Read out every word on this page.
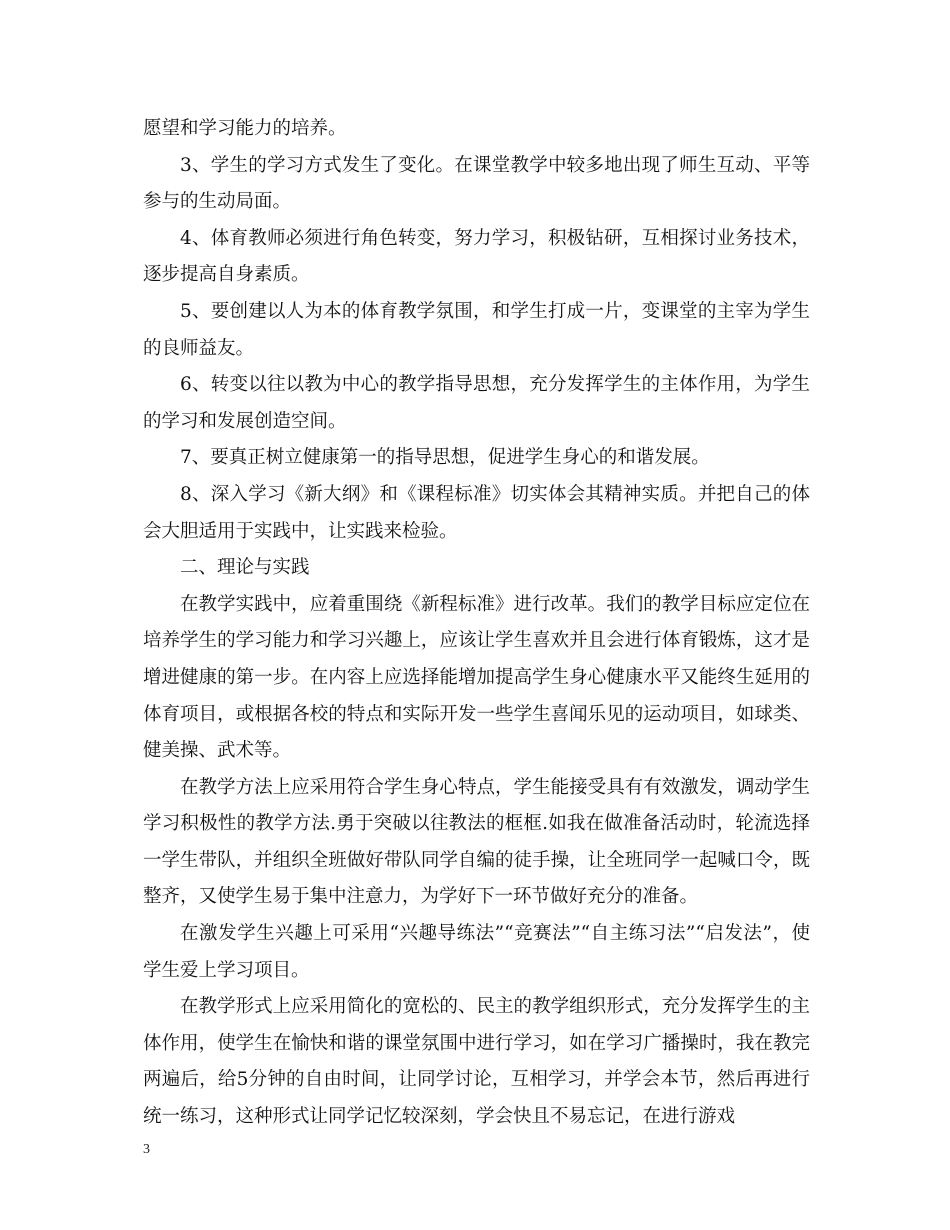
愿望和学习能力的培养。

3、学生的学习方式发生了变化。在课堂教学中较多地出现了师生互动、平等参与的生动局面。

4、体育教师必须进行角色转变，努力学习，积极钻研，互相探讨业务技术，逐步提高自身素质。

5、要创建以人为本的体育教学氛围，和学生打成一片，变课堂的主宰为学生的良师益友。

6、转变以往以教为中心的教学指导思想，充分发挥学生的主体作用，为学生的学习和发展创造空间。

7、要真正树立健康第一的指导思想，促进学生身心的和谐发展。

8、深入学习《新大纲》和《课程标准》切实体会其精神实质。并把自己的体会大胆适用于实践中，让实践来检验。

二、理论与实践

在教学实践中，应着重围绕《新程标准》进行改革。我们的教学目标应定位在培养学生的学习能力和学习兴趣上，应该让学生喜欢并且会进行体育锻炼，这才是增进健康的第一步。在内容上应选择能增加提高学生身心健康水平又能终生延用的体育项目，或根据各校的特点和实际开发一些学生喜闻乐见的运动项目，如球类、健美操、武术等。

在教学方法上应采用符合学生身心特点，学生能接受具有有效激发，调动学生学习积极性的教学方法.勇于突破以往教法的框框.如我在做准备活动时，轮流选择一学生带队，并组织全班做好带队同学自编的徒手操，让全班同学一起喊口令，既整齐，又使学生易于集中注意力，为学好下一环节做好充分的准备。

在激发学生兴趣上可采用“兴趣导练法”“竞赛法”“自主练习法”“启发法”，使学生爱上学习项目。

在教学形式上应采用简化的宽松的、民主的教学组织形式，充分发挥学生的主体作用，使学生在愉快和谐的课堂氛围中进行学习，如在学习广播操时，我在教完两遍后，给5分钟的自由时间，让同学讨论，互相学习，并学会本节，然后再进行统一练习，这种形式让同学记忆较深刻，学会快且不易忘记，在进行游戏

3
